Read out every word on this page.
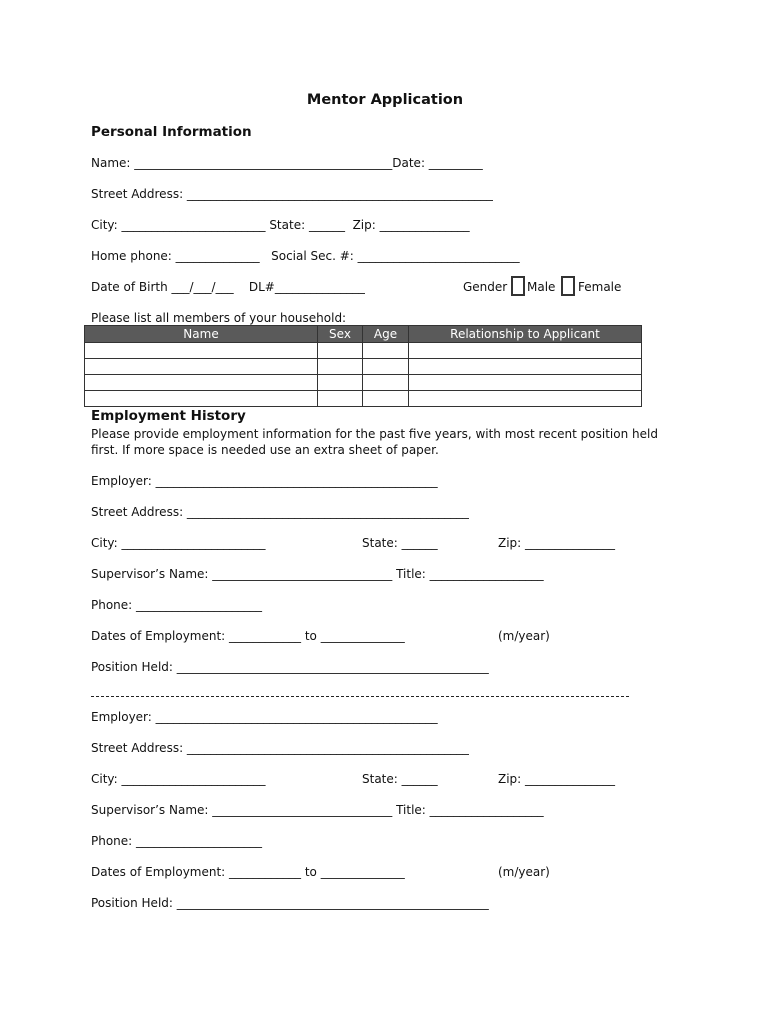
Mentor Application
Personal Information
Name: ___________________________________________Date: _________
Street Address: ___________________________________________________
City: ________________________ State: ______  Zip: _______________
Home phone: ______________   Social Sec. #: ___________________________
Date of Birth ___/___/___    DL#_______________	Gender Male Female
Please list all members of your household:
Name	Sex	Age	Relationship to Applicant

Employment History
Please provide employment information for the past five years, with most recent position held first. If more space is needed use an extra sheet of paper.
Employer: _______________________________________________
Street Address: _______________________________________________
City: ________________________	State: ______	Zip: _______________
Supervisor’s Name: ______________________________ Title: ___________________
Phone: _____________________
Dates of Employment: ____________ to ______________	(m/year)
Position Held: ____________________________________________________
Employer: _______________________________________________
Street Address: _______________________________________________
City: ________________________	State: ______	Zip: _______________
Supervisor’s Name: ______________________________ Title: ___________________
Phone: _____________________
Dates of Employment: ____________ to ______________	(m/year)
Position Held: ____________________________________________________
